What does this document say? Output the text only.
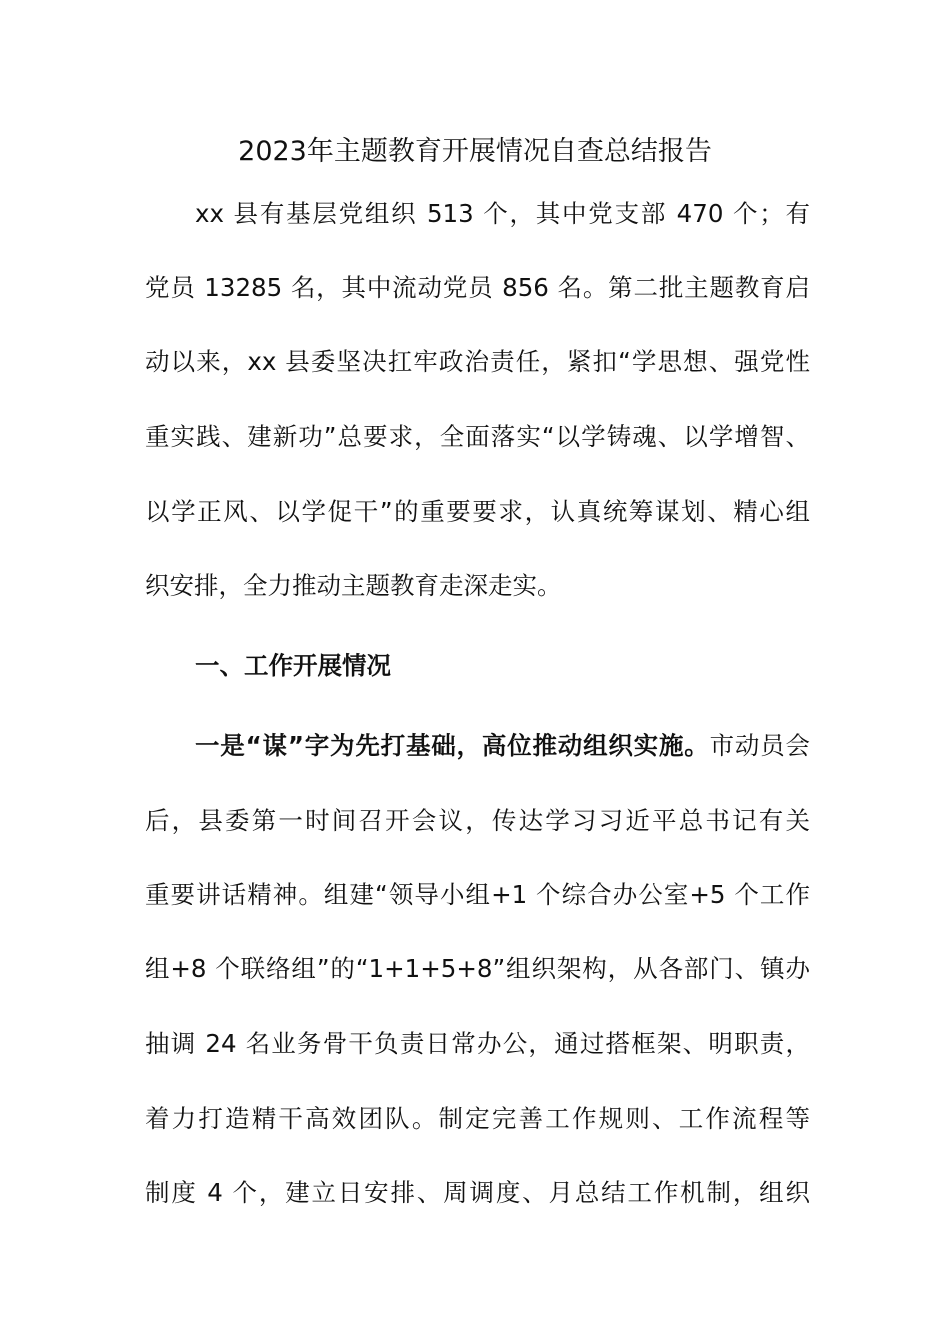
2023年主题教育开展情况自查总结报告
xx 县有基层党组织 513 个，其中党支部 470 个；有
党员 13285 名，其中流动党员 856 名。第二批主题教育启
动以来，xx 县委坚决扛牢政治责任，紧扣“学思想、强党性
重实践、建新功”总要求，全面落实“以学铸魂、以学增智、
以学正风、以学促干”的重要要求，认真统筹谋划、精心组
织安排，全力推动主题教育走深走实。
一、工作开展情况
一是“谋”字为先打基础，高位推动组织实施。市动员会
后，县委第一时间召开会议，传达学习习近平总书记有关
重要讲话精神。组建“领导小组+1 个综合办公室+5 个工作
组+8 个联络组”的“1+1+5+8”组织架构，从各部门、镇办
抽调 24 名业务骨干负责日常办公，通过搭框架、明职责，
着力打造精干高效团队。制定完善工作规则、工作流程等
制度 4 个，建立日安排、周调度、月总结工作机制，组织
